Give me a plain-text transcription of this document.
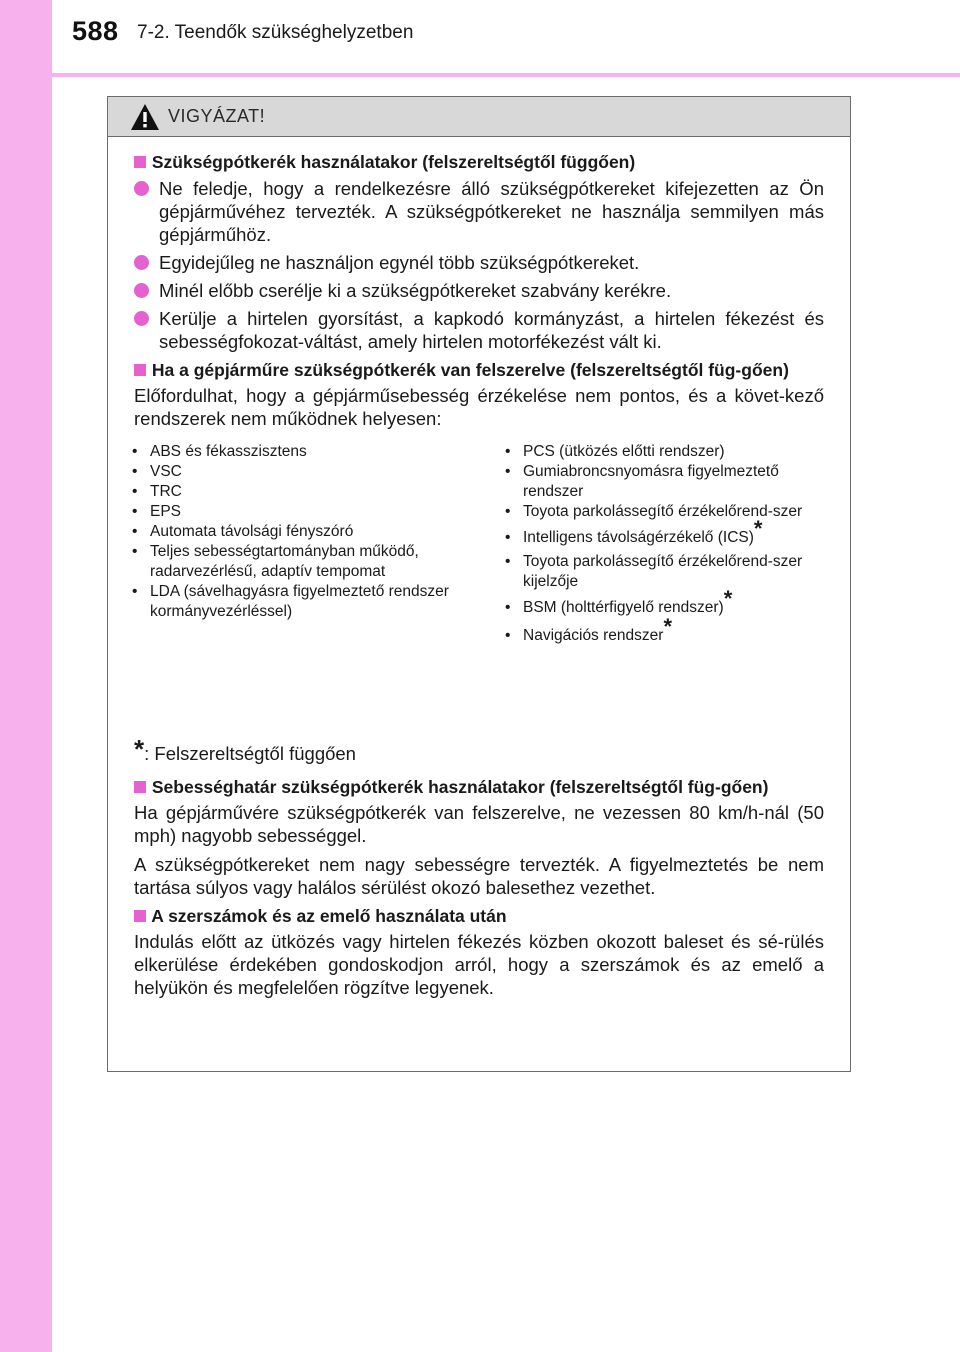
588 7-2. Teendők szükséghelyzetben
VIGYÁZAT!
Szükségpótkerék használatakor (felszereltségtől függően)
Ne feledje, hogy a rendelkezésre álló szükségpótkereket kifejezetten az Ön gépjárművéhez tervezték. A szükségpótkereket ne használja semmilyen más gépjárműhöz.
Egyidejűleg ne használjon egynél több szükségpótkereket.
Minél előbb cserélje ki a szükségpótkereket szabvány kerékre.
Kerülje a hirtelen gyorsítást, a kapkodó kormányzást, a hirtelen fékezést és sebességfokozat-váltást, amely hirtelen motorfékezést vált ki.
Ha a gépjárműre szükségpótkerék van felszerelve (felszereltségtől füg-gően)
Előfordulhat, hogy a gépjárműsebesség érzékelése nem pontos, és a követ-kező rendszerek nem működnek helyesen:
• ABS és fékasszisztens
• VSC
• TRC
• EPS
• Automata távolsági fényszóró
• Teljes sebességtartományban működő, radarvezérlésű, adaptív tempomat
• LDA (sávelhagyásra figyelmeztető rendszer kormányvezérléssel)
• PCS (ütközés előtti rendszer)
• Gumiabroncsnyomásra figyelmeztető rendszer
• Toyota parkolássegítő érzékelőrend-szer
• Intelligens távolságérzékelő (ICS)*
• Toyota parkolássegítő érzékelőrend-szer kijelzője
• BSM (holttérfigyelő rendszer)*
• Navigációs rendszer*
*: Felszereltségtől függően
Sebességhatár szükségpótkerék használatakor (felszereltségtől füg-gően)
Ha gépjárművére szükségpótkerék van felszerelve, ne vezessen 80 km/h-nál (50 mph) nagyobb sebességgel.
A szükségpótkereket nem nagy sebességre tervezték. A figyelmeztetés be nem tartása súlyos vagy halálos sérülést okozó balesethez vezethet.
A szerszámok és az emelő használata után
Indulás előtt az ütközés vagy hirtelen fékezés közben okozott baleset és sé-rülés elkerülése érdekében gondoskodjon arról, hogy a szerszámok és az emelő a helyükön és megfelelően rögzítve legyenek.
